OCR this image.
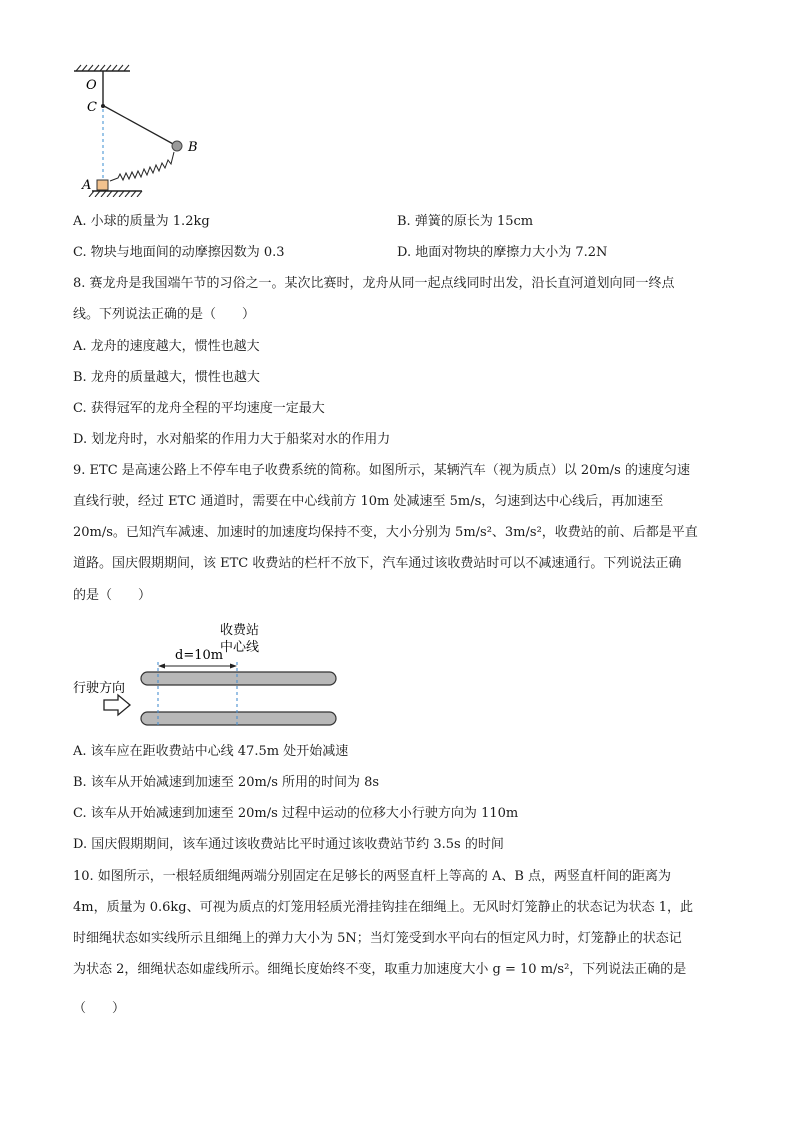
O
C
B
A
A. 小球的质量为 1.2kg	B. 弹簧的原长为 15cm
C. 物块与地面间的动摩擦因数为 0.3	D. 地面对物块的摩擦力大小为 7.2N
8. 赛龙舟是我国端午节的习俗之一。某次比赛时，龙舟从同一起点线同时出发，沿长直河道划向同一终点
线。下列说法正确的是（　　）
A. 龙舟的速度越大，惯性也越大
B. 龙舟的质量越大，惯性也越大
C. 获得冠军的龙舟全程的平均速度一定最大
D. 划龙舟时，水对船桨的作用力大于船桨对水的作用力
9. ETC 是高速公路上不停车电子收费系统的简称。如图所示，某辆汽车（视为质点）以 20m/s 的速度匀速
直线行驶，经过 ETC 通道时，需要在中心线前方 10m 处减速至 5m/s，匀速到达中心线后，再加速至
20m/s。已知汽车减速、加速时的加速度均保持不变，大小分别为 5m/s²、3m/s²，收费站的前、后都是平直
道路。国庆假期期间，该 ETC 收费站的栏杆不放下，汽车通过该收费站时可以不减速通行。下列说法正确
的是（　　）
d=10m
收费站
中心线
行驶方向
A. 该车应在距收费站中心线 47.5m 处开始减速
B. 该车从开始减速到加速至 20m/s 所用的时间为 8s
C. 该车从开始减速到加速至 20m/s 过程中运动的位移大小行驶方向为 110m
D. 国庆假期期间，该车通过该收费站比平时通过该收费站节约 3.5s 的时间
10. 如图所示，一根轻质细绳两端分别固定在足够长的两竖直杆上等高的 A、B 点，两竖直杆间的距离为
4m，质量为 0.6kg、可视为质点的灯笼用轻质光滑挂钩挂在细绳上。无风时灯笼静止的状态记为状态 1，此
时细绳状态如实线所示且细绳上的弹力大小为 5N；当灯笼受到水平向右的恒定风力时，灯笼静止的状态记
为状态 2，细绳状态如虚线所示。细绳长度始终不变，取重力加速度大小 g = 10 m/s²，下列说法正确的是
（　　）
